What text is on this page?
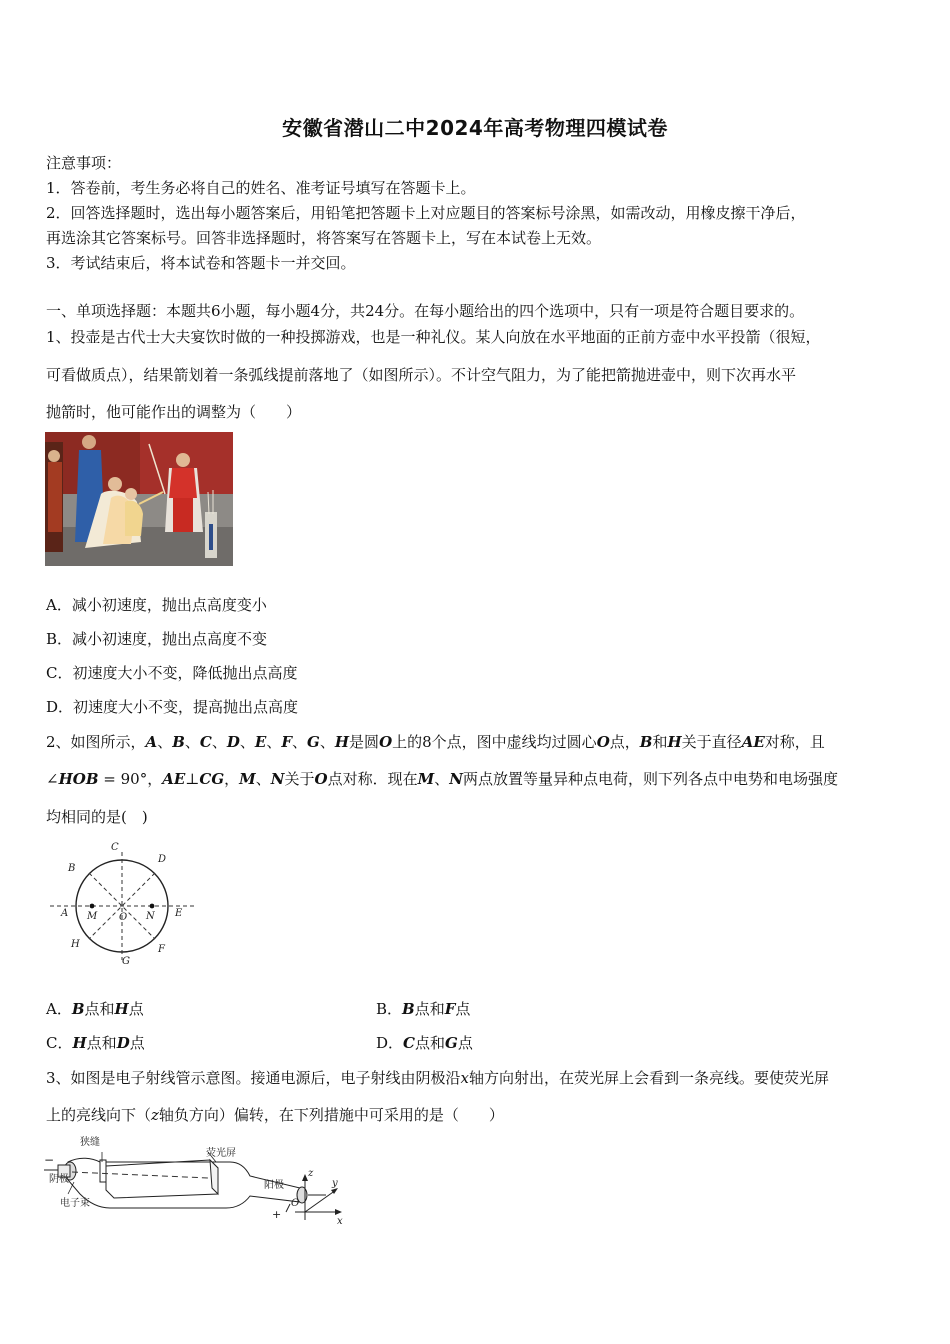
安徽省潜山二中2024年高考物理四模试卷
注意事项：
1．答卷前，考生务必将自己的姓名、准考证号填写在答题卡上。
2．回答选择题时，选出每小题答案后，用铅笔把答题卡上对应题目的答案标号涂黑，如需改动，用橡皮擦干净后，
再选涂其它答案标号。回答非选择题时，将答案写在答题卡上，写在本试卷上无效。
3．考试结束后，将本试卷和答题卡一并交回。
一、单项选择题：本题共6小题，每小题4分，共24分。在每小题给出的四个选项中，只有一项是符合题目要求的。
1、投壶是古代士大夫宴饮时做的一种投掷游戏，也是一种礼仪。某人向放在水平地面的正前方壶中水平投箭（很短，
可看做质点），结果箭划着一条弧线提前落地了（如图所示）。不计空气阻力，为了能把箭抛进壶中，则下次再水平
抛箭时，他可能作出的调整为（　　）
A．减小初速度，抛出点高度变小
B．减小初速度，抛出点高度不变
C．初速度大小不变，降低抛出点高度
D．初速度大小不变，提高抛出点高度
2、如图所示，A、B、C、D、E、F、G、H是圆O上的8个点，图中虚线均过圆心O点，B和H关于直径AE对称，且
∠HOB = 90°，AE⊥CG，M、N关于O点对称．现在M、N两点放置等量异种点电荷，则下列各点中电势和电场强度
均相同的是(　)
C
D
B
A M O N E
H	F
G
A．B点和H点	B．B点和F点
C．H点和D点	D．C点和G点
3、如图是电子射线管示意图。接通电源后，电子射线由阴极沿x轴方向射出，在荧光屏上会看到一条亮线。要使荧光屏
上的亮线向下（z轴负方向）偏转，在下列措施中可采用的是（　　）
狭缝
荧光屏
阴极
阳极
电子束
−
+
z
y
x
O
